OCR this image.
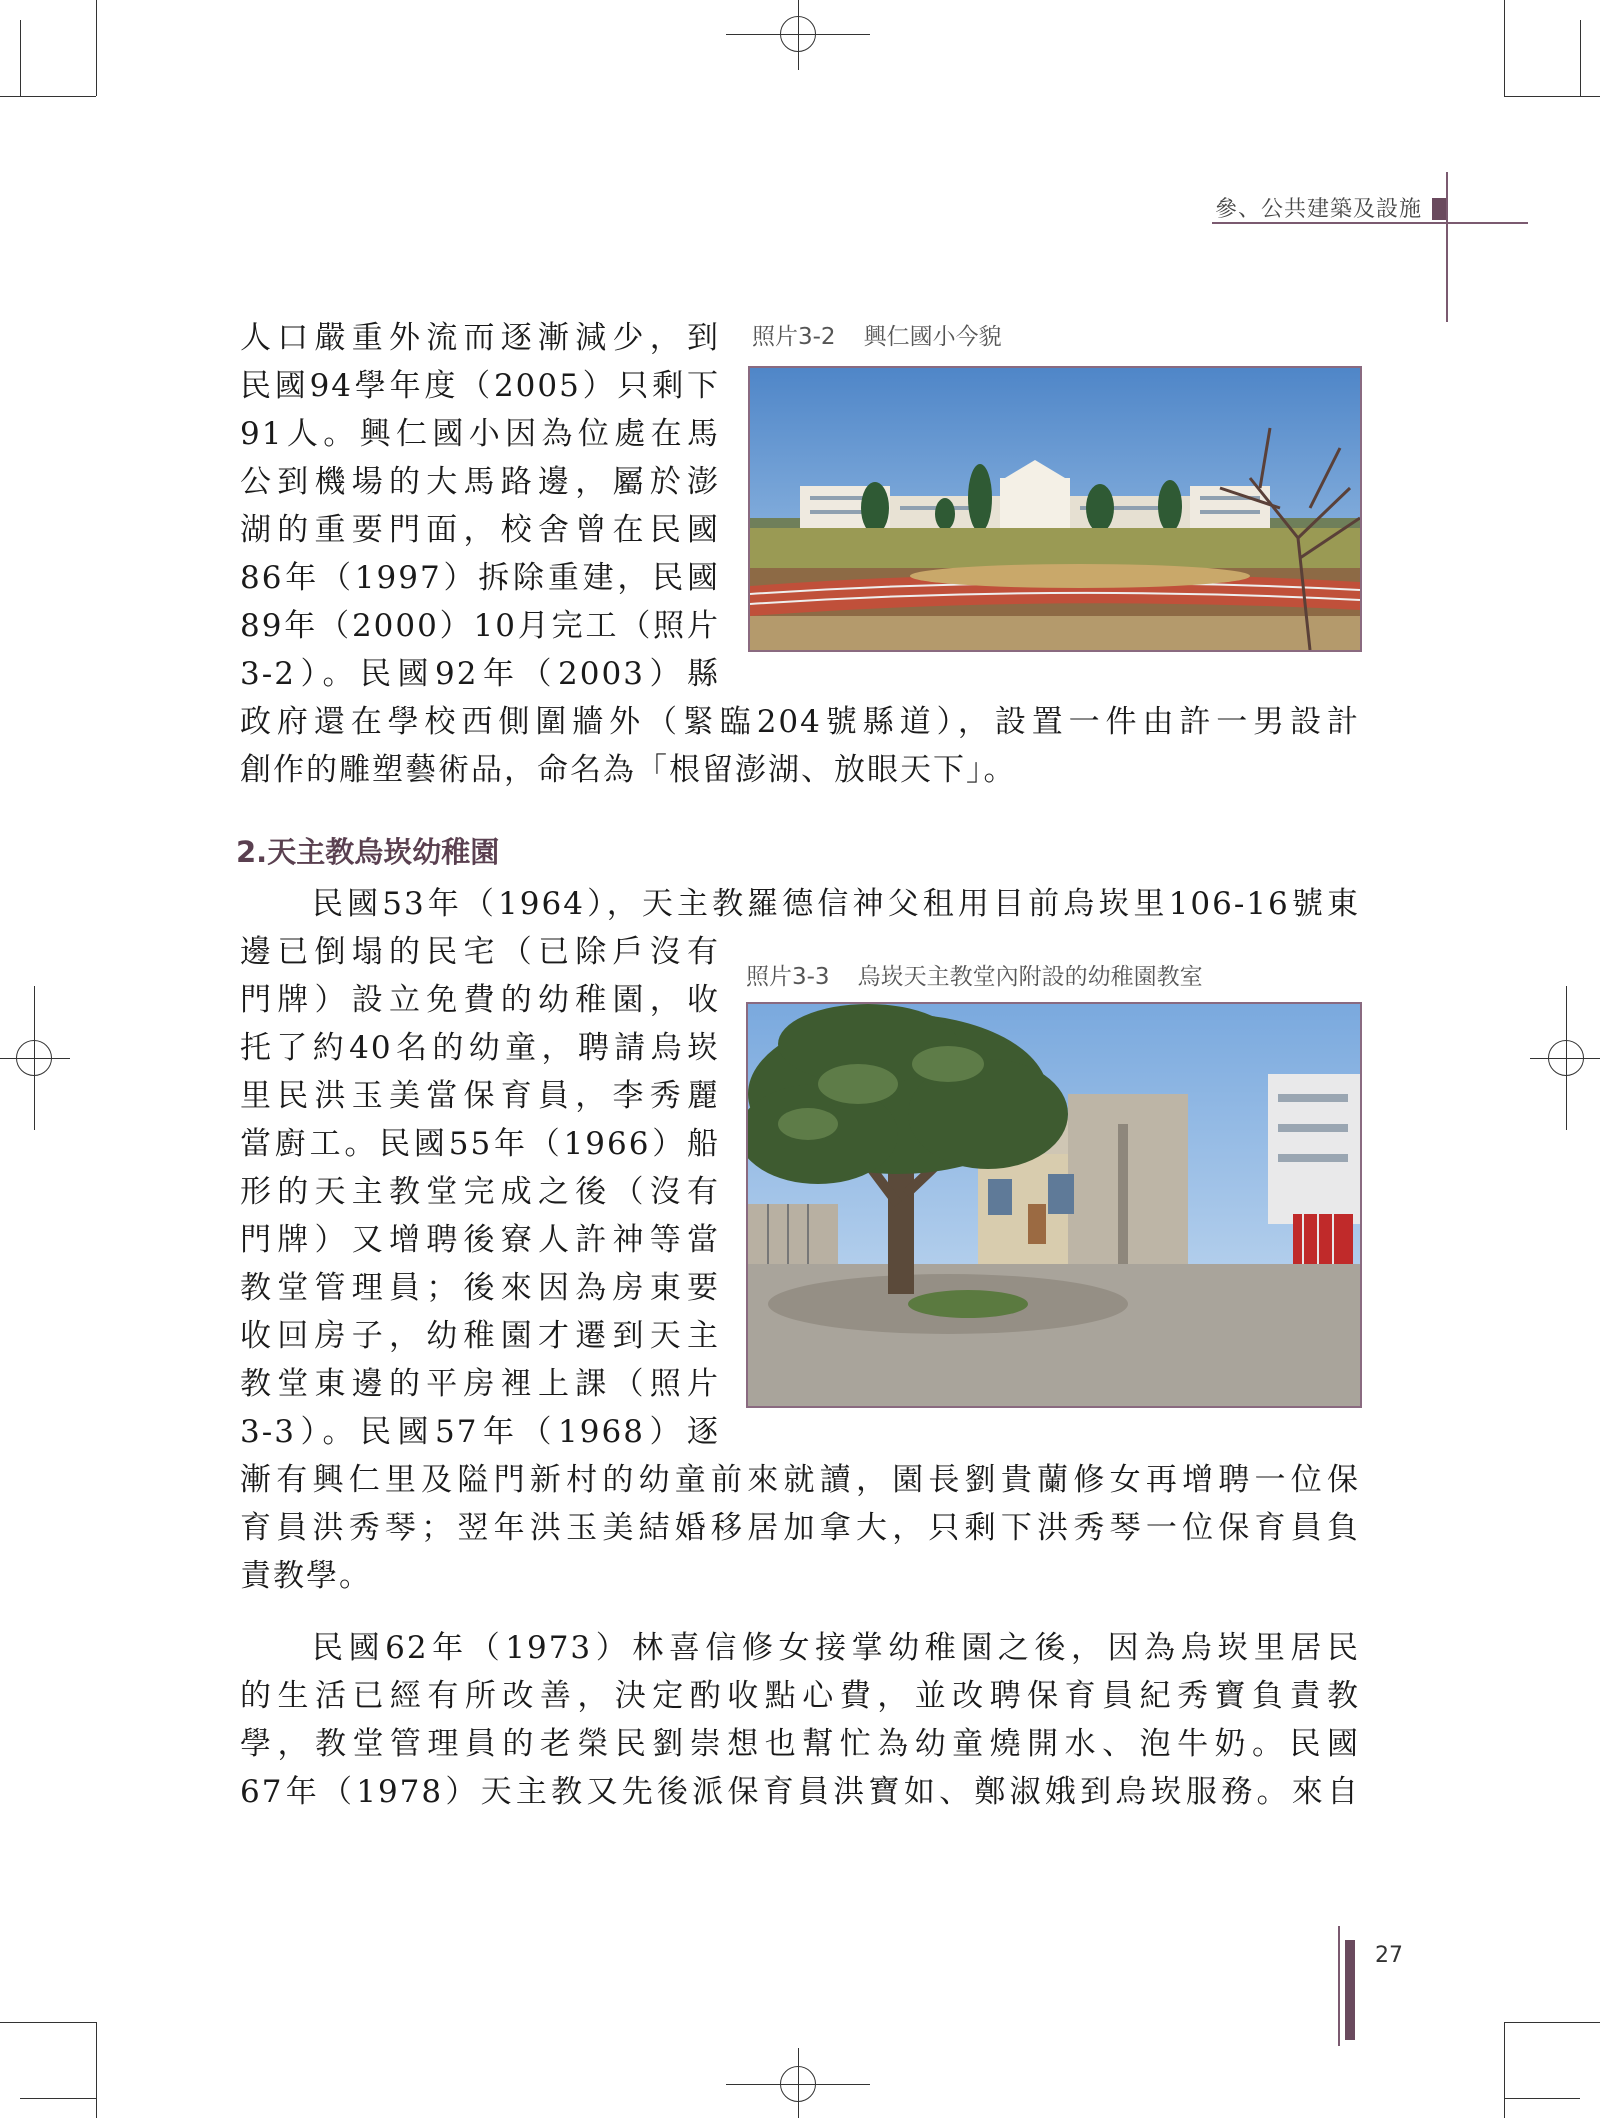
參、公共建築及設施
照片3-2 興仁國小今貌
人口嚴重外流而逐漸減少，到
民國94學年度（2005）只剩下
91人。興仁國小因為位處在馬
公到機場的大馬路邊，屬於澎
湖的重要門面，校舍曾在民國
86年（1997）拆除重建，民國
89年（2000）10月完工（照片
3-2）。民國92年（2003）縣
政府還在學校西側圍牆外（緊臨204號縣道），設置一件由許一男設計
創作的雕塑藝術品，命名為「根留澎湖、放眼天下」。
2.天主教烏崁幼稚園
民國53年（1964），天主教羅德信神父租用目前烏崁里106-16號東
邊已倒塌的民宅（已除戶沒有
門牌）設立免費的幼稚園，收
托了約40名的幼童，聘請烏崁
里民洪玉美當保育員，李秀麗
當廚工。民國55年（1966）船
形的天主教堂完成之後（沒有
門牌）又增聘後寮人許神等當
教堂管理員；後來因為房東要
收回房子，幼稚園才遷到天主
教堂東邊的平房裡上課（照片
3-3）。民國57年（1968）逐
漸有興仁里及隘門新村的幼童前來就讀，園長劉貴蘭修女再增聘一位保
育員洪秀琴；翌年洪玉美結婚移居加拿大，只剩下洪秀琴一位保育員負
責教學。
照片3-3 烏崁天主教堂內附設的幼稚園教室
民國62年（1973）林喜信修女接掌幼稚園之後，因為烏崁里居民
的生活已經有所改善，決定酌收點心費，並改聘保育員紀秀寶負責教
學，教堂管理員的老榮民劉崇想也幫忙為幼童燒開水、泡牛奶。民國
67年（1978）天主教又先後派保育員洪寶如、鄭淑娥到烏崁服務。來自
27
